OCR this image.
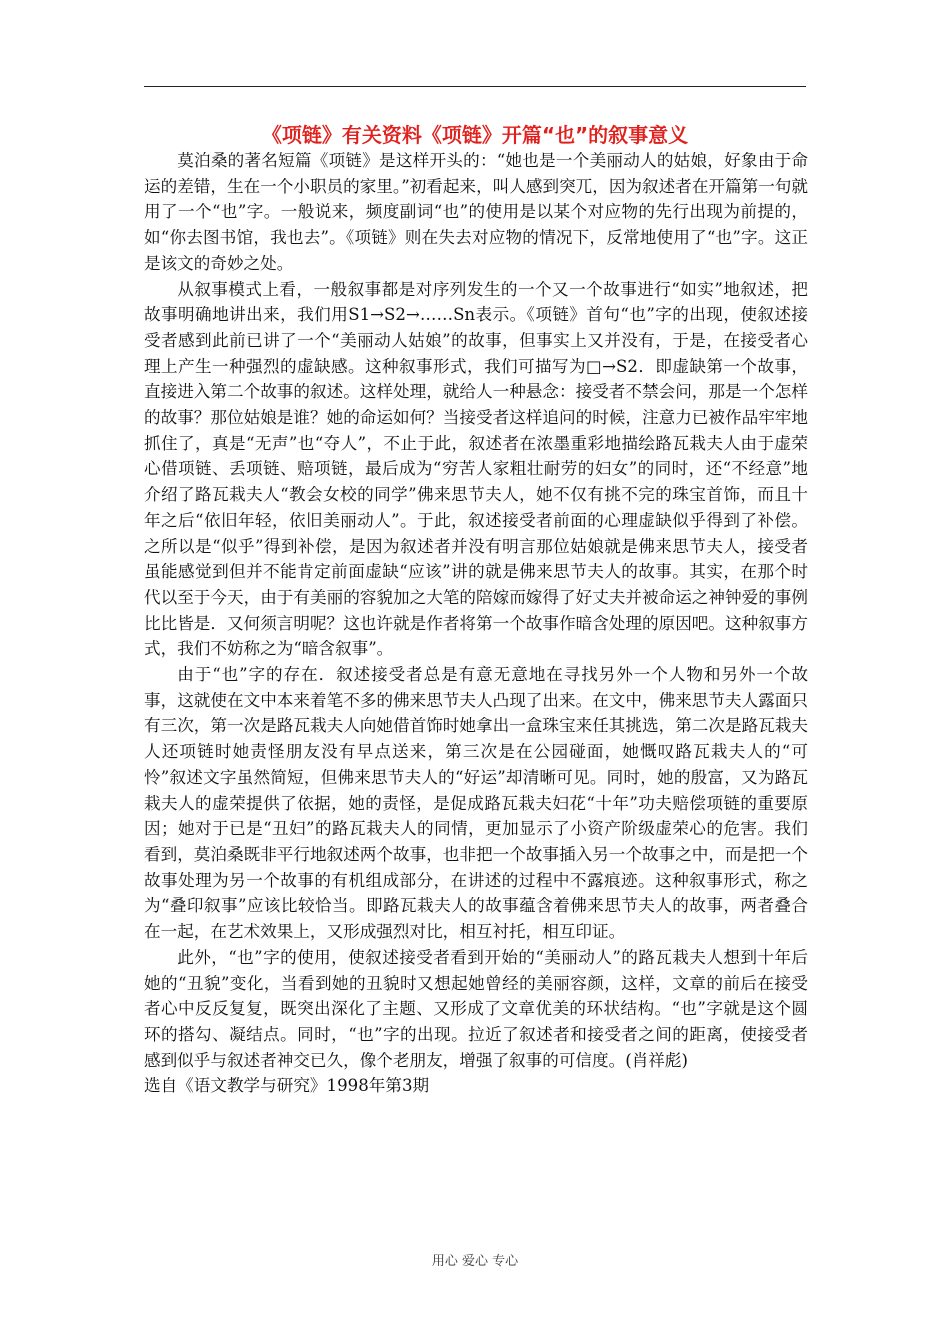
《项链》有关资料《项链》开篇“也”的叙事意义

莫泊桑的著名短篇《项链》是这样开头的：“她也是一个美丽动人的姑娘，好象由于命运的差错，生在一个小职员的家里。”初看起来，叫人感到突兀，因为叙述者在开篇第一句就用了一个“也”字。一般说来，频度副词“也”的使用是以某个对应物的先行出现为前提的，如“你去图书馆，我也去”。《项链》则在失去对应物的情况下，反常地使用了“也”字。这正是该文的奇妙之处。

从叙事模式上看，一般叙事都是对序列发生的一个又一个故事进行“如实”地叙述，把故事明确地讲出来，我们用S1→S2→……Sn表示。《项链》首句“也”字的出现，使叙述接受者感到此前已讲了一个“美丽动人姑娘”的故事，但事实上又并没有，于是，在接受者心理上产生一种强烈的虚缺感。这种叙事形式，我们可描写为□→S2．即虚缺第一个故事，直接进入第二个故事的叙述。这样处理，就给人一种悬念：接受者不禁会问，那是一个怎样的故事？那位姑娘是谁？她的命运如何？当接受者这样追问的时候，注意力已被作品牢牢地抓住了，真是“无声”也“夺人”，不止于此，叙述者在浓墨重彩地描绘路瓦栽夫人由于虚荣心借项链、丢项链、赔项链，最后成为“穷苦人家粗壮耐劳的妇女”的同时，还“不经意”地介绍了路瓦栽夫人“教会女校的同学”佛来思节夫人，她不仅有挑不完的珠宝首饰，而且十年之后“依旧年轻，依旧美丽动人”。于此，叙述接受者前面的心理虚缺似乎得到了补偿。之所以是“似乎”得到补偿，是因为叙述者并没有明言那位姑娘就是佛来思节夫人，接受者虽能感觉到但并不能肯定前面虚缺“应该”讲的就是佛来思节夫人的故事。其实，在那个时代以至于今天，由于有美丽的容貌加之大笔的陪嫁而嫁得了好丈夫并被命运之神钟爱的事例比比皆是．又何须言明呢？这也许就是作者将第一个故事作暗含处理的原因吧。这种叙事方式，我们不妨称之为“暗含叙事”。

由于“也”字的存在．叙述接受者总是有意无意地在寻找另外一个人物和另外一个故事，这就使在文中本来着笔不多的佛来思节夫人凸现了出来。在文中，佛来思节夫人露面只有三次，第一次是路瓦栽夫人向她借首饰时她拿出一盒珠宝来任其挑选，第二次是路瓦栽夫人还项链时她责怪朋友没有早点送来，第三次是在公园碰面，她慨叹路瓦栽夫人的“可怜”叙述文字虽然简短，但佛来思节夫人的“好运”却清晰可见。同时，她的殷富，又为路瓦栽夫人的虚荣提供了依据，她的责怪，是促成路瓦栽夫妇花“十年”功夫赔偿项链的重要原因；她对于已是“丑妇”的路瓦栽夫人的同情，更加显示了小资产阶级虚荣心的危害。我们看到，莫泊桑既非平行地叙述两个故事，也非把一个故事插入另一个故事之中，而是把一个故事处理为另一个故事的有机组成部分，在讲述的过程中不露痕迹。这种叙事形式，称之为“叠印叙事”应该比较恰当。即路瓦栽夫人的故事蕴含着佛来思节夫人的故事，两者叠合在一起，在艺术效果上，又形成强烈对比，相互衬托，相互印证。

此外，“也”字的使用，使叙述接受者看到开始的“美丽动人”的路瓦栽夫人想到十年后她的“丑貌”变化，当看到她的丑貌时又想起她曾经的美丽容颜，这样，文章的前后在接受者心中反反复复，既突出深化了主题、又形成了文章优美的环状结构。“也”字就是这个圆环的搭勾、凝结点。同时，“也”字的出现。拉近了叙述者和接受者之间的距离，使接受者感到似乎与叙述者神交已久，像个老朋友，增强了叙事的可信度。(肖祥彪)

选自《语文教学与研究》1998年第3期

用心 爱心 专心
